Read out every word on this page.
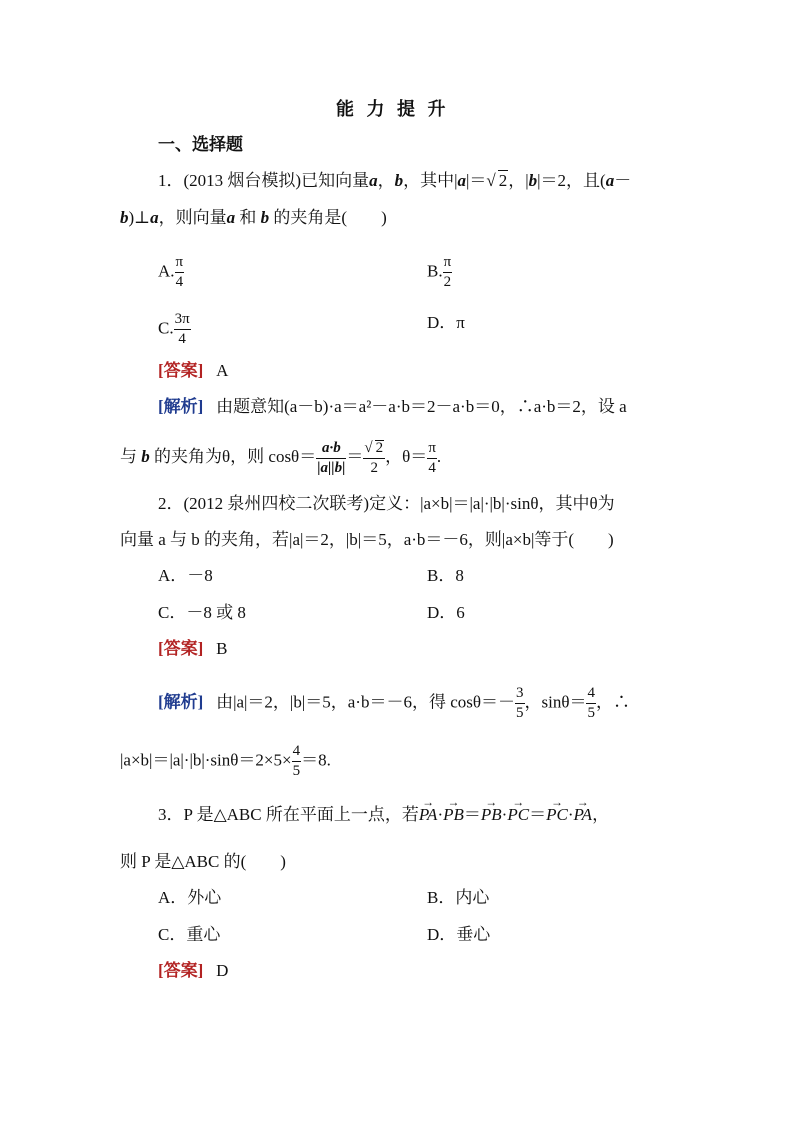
能 力 提 升
一、选择题
1．(2013 烟台模拟)已知向量a，b，其中|a|＝√ 2，|b|＝2，且(a－
b)⊥a，则向量a 和 b 的夹角是(　　)
A. $\frac{\pi}{4}$	B. $\frac{\pi}{2}$
C. $\frac{3\pi}{4}$	D．π
[答案] A
[解析] 由题意知(a－b)·a＝a²－a·b＝2－a·b＝0，∴a·b＝2，设 a
与 b 的夹角为θ，则 $\cos\theta= \frac{a\cdot b}{|a||b|} = \frac{√ 2}{2}$ ，$\theta= \frac{\pi}{4}$ .
2．(2012 泉州四校二次联考)定义：|a×b|＝|a|·|b|·sinθ，其中θ为
向量 a 与 b 的夹角，若|a|＝2，|b|＝5，a·b＝－6，则|a×b|等于(　　)
A．－8	B．8
C．－8 或 8	D．6
[答案] B
[解析] 由|a|＝2，|b|＝5，a·b＝－6，得 $\cos\theta=- \frac{3}{5}$ ，$\sin\theta= \frac{4}{5}$ ，∴
$|a\times b|=|a|\cdot|b|\cdot\sin\theta=2\times 5\times \frac{4}{5} =8$.
3．P 是△ABC 所在平面上一点，若→ PA·→ PB＝→ PB·→ PC＝→ PC·→ PA，
则 P 是△ABC 的(　　)
A．外心	B．内心
C．重心	D．垂心
[答案] D
